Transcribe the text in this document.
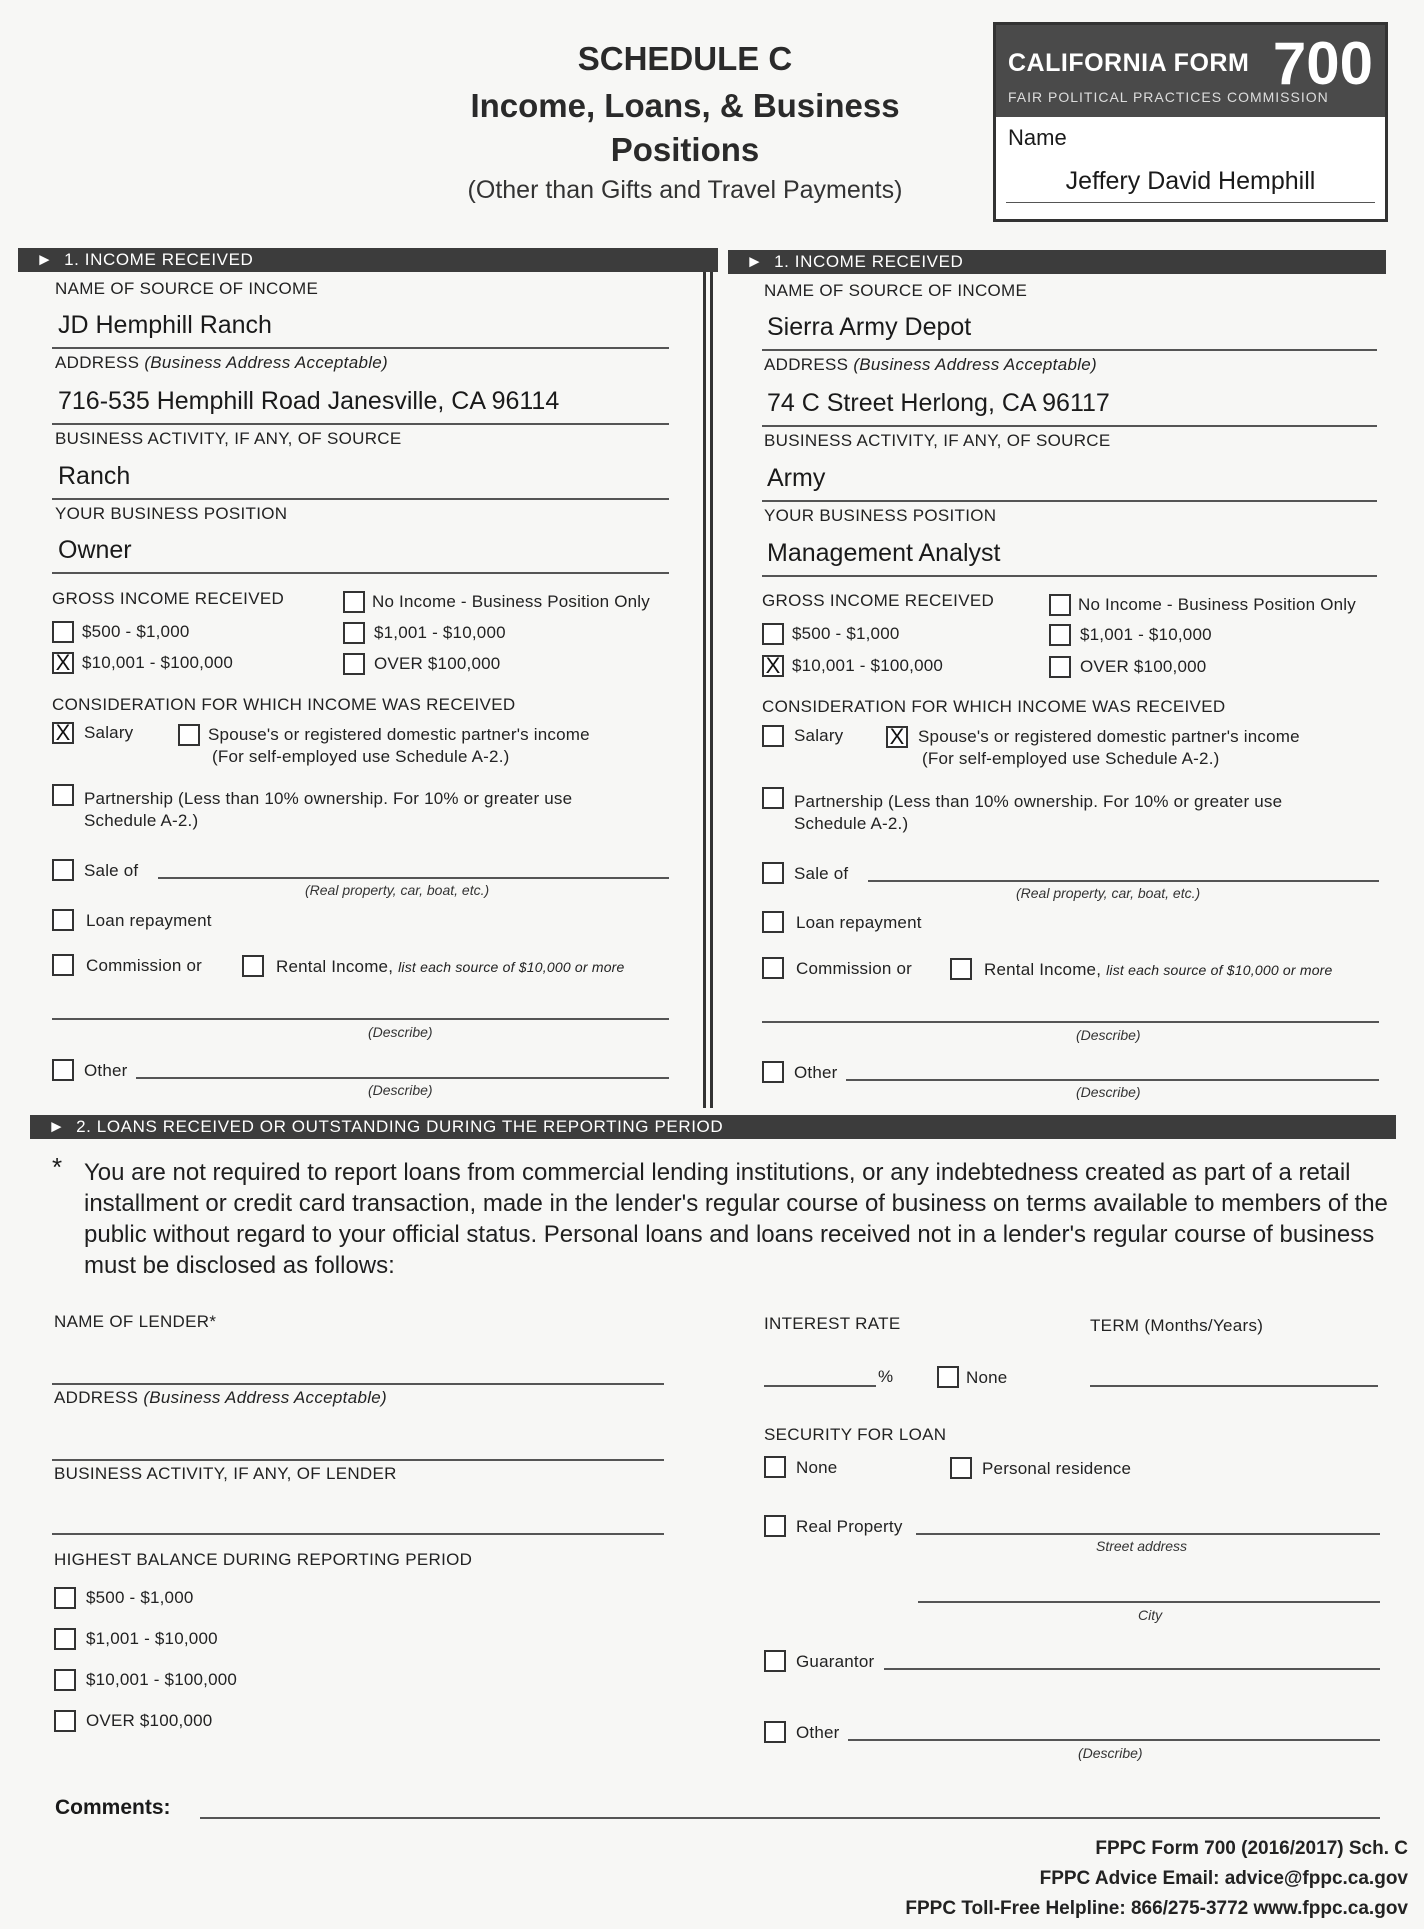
SCHEDULE C
Income, Loans, & Business Positions
(Other than Gifts and Travel Payments)
CALIFORNIA FORM 700
FAIR POLITICAL PRACTICES COMMISSION
Name
Jeffery David Hemphill
►  1. INCOME RECEIVED	►  1. INCOME RECEIVED
NAME OF SOURCE OF INCOME
JD Hemphill Ranch
ADDRESS (Business Address Acceptable)
716-535 Hemphill Road Janesville, CA 96114
BUSINESS ACTIVITY, IF ANY, OF SOURCE
Ranch
YOUR BUSINESS POSITION
Owner
GROSS INCOME RECEIVED	No Income - Business Position Only
$500 - $1,000	$1,001 - $10,000
X $10,001 - $100,000	OVER $100,000
CONSIDERATION FOR WHICH INCOME WAS RECEIVED
X Salary	Spouse's or registered domestic partner's income
(For self-employed use Schedule A-2.)
Partnership (Less than 10% ownership. For 10% or greater use
Schedule A-2.)
Sale of
(Real property, car, boat, etc.)
Loan repayment
Commission or	Rental Income, list each source of $10,000 or more
(Describe)
Other
(Describe)
NAME OF SOURCE OF INCOME
Sierra Army Depot
ADDRESS (Business Address Acceptable)
74 C Street Herlong, CA 96117
BUSINESS ACTIVITY, IF ANY, OF SOURCE
Army
YOUR BUSINESS POSITION
Management Analyst
GROSS INCOME RECEIVED	No Income - Business Position Only
$500 - $1,000	$1,001 - $10,000
X $10,001 - $100,000	OVER $100,000
CONSIDERATION FOR WHICH INCOME WAS RECEIVED
Salary X Spouse's or registered domestic partner's income
(For self-employed use Schedule A-2.)
Partnership (Less than 10% ownership. For 10% or greater use
Schedule A-2.)
Sale of
(Real property, car, boat, etc.)
Loan repayment
Commission or	Rental Income, list each source of $10,000 or more
(Describe)
Other
(Describe)
►  2. LOANS RECEIVED OR OUTSTANDING DURING THE REPORTING PERIOD
* You are not required to report loans from commercial lending institutions, or any indebtedness created as part of a retail installment or credit card transaction, made in the lender's regular course of business on terms available to members of the public without regard to your official status. Personal loans and loans received not in a lender's regular course of business must be disclosed as follows:
NAME OF LENDER*
ADDRESS (Business Address Acceptable)
BUSINESS ACTIVITY, IF ANY, OF LENDER
HIGHEST BALANCE DURING REPORTING PERIOD
$500 - $1,000
$1,001 - $10,000
$10,001 - $100,000
OVER $100,000
INTEREST RATE	TERM (Months/Years)
%	None
SECURITY FOR LOAN
None	Personal residence
Real Property
Street address
City
Guarantor
Other
(Describe)
Comments:
FPPC Form 700 (2016/2017) Sch. C
FPPC Advice Email: advice@fppc.ca.gov
FPPC Toll-Free Helpline: 866/275-3772 www.fppc.ca.gov
